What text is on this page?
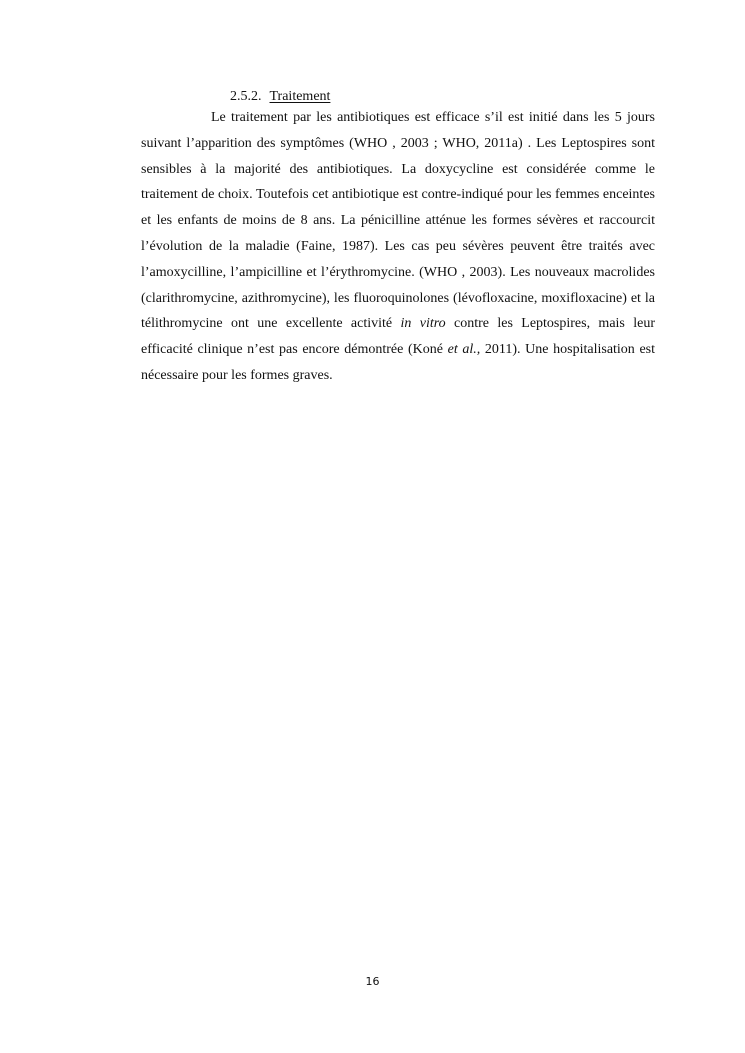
2.5.2. Traitement

Le traitement par les antibiotiques est efficace s’il est initié dans les 5 jours suivant l’apparition des symptômes (WHO , 2003 ; WHO, 2011a) . Les Leptospires sont sensibles à la majorité des antibiotiques. La doxycycline est considérée comme le traitement de choix. Toutefois cet antibiotique est contre-indiqué pour les femmes enceintes et les enfants de moins de 8 ans. La pénicilline atténue les formes sévères et raccourcit l’évolution de la maladie (Faine, 1987). Les cas peu sévères peuvent être traités avec l’amoxycilline, l’ampicilline et l’érythromycine. (WHO , 2003). Les nouveaux macrolides (clarithromycine, azithromycine), les fluoroquinolones (lévofloxacine, moxifloxacine) et la télithromycine ont une excellente activité in vitro contre les Leptospires, mais leur efficacité clinique n’est pas encore démontrée (Koné et al., 2011). Une hospitalisation est nécessaire pour les formes graves.

16
